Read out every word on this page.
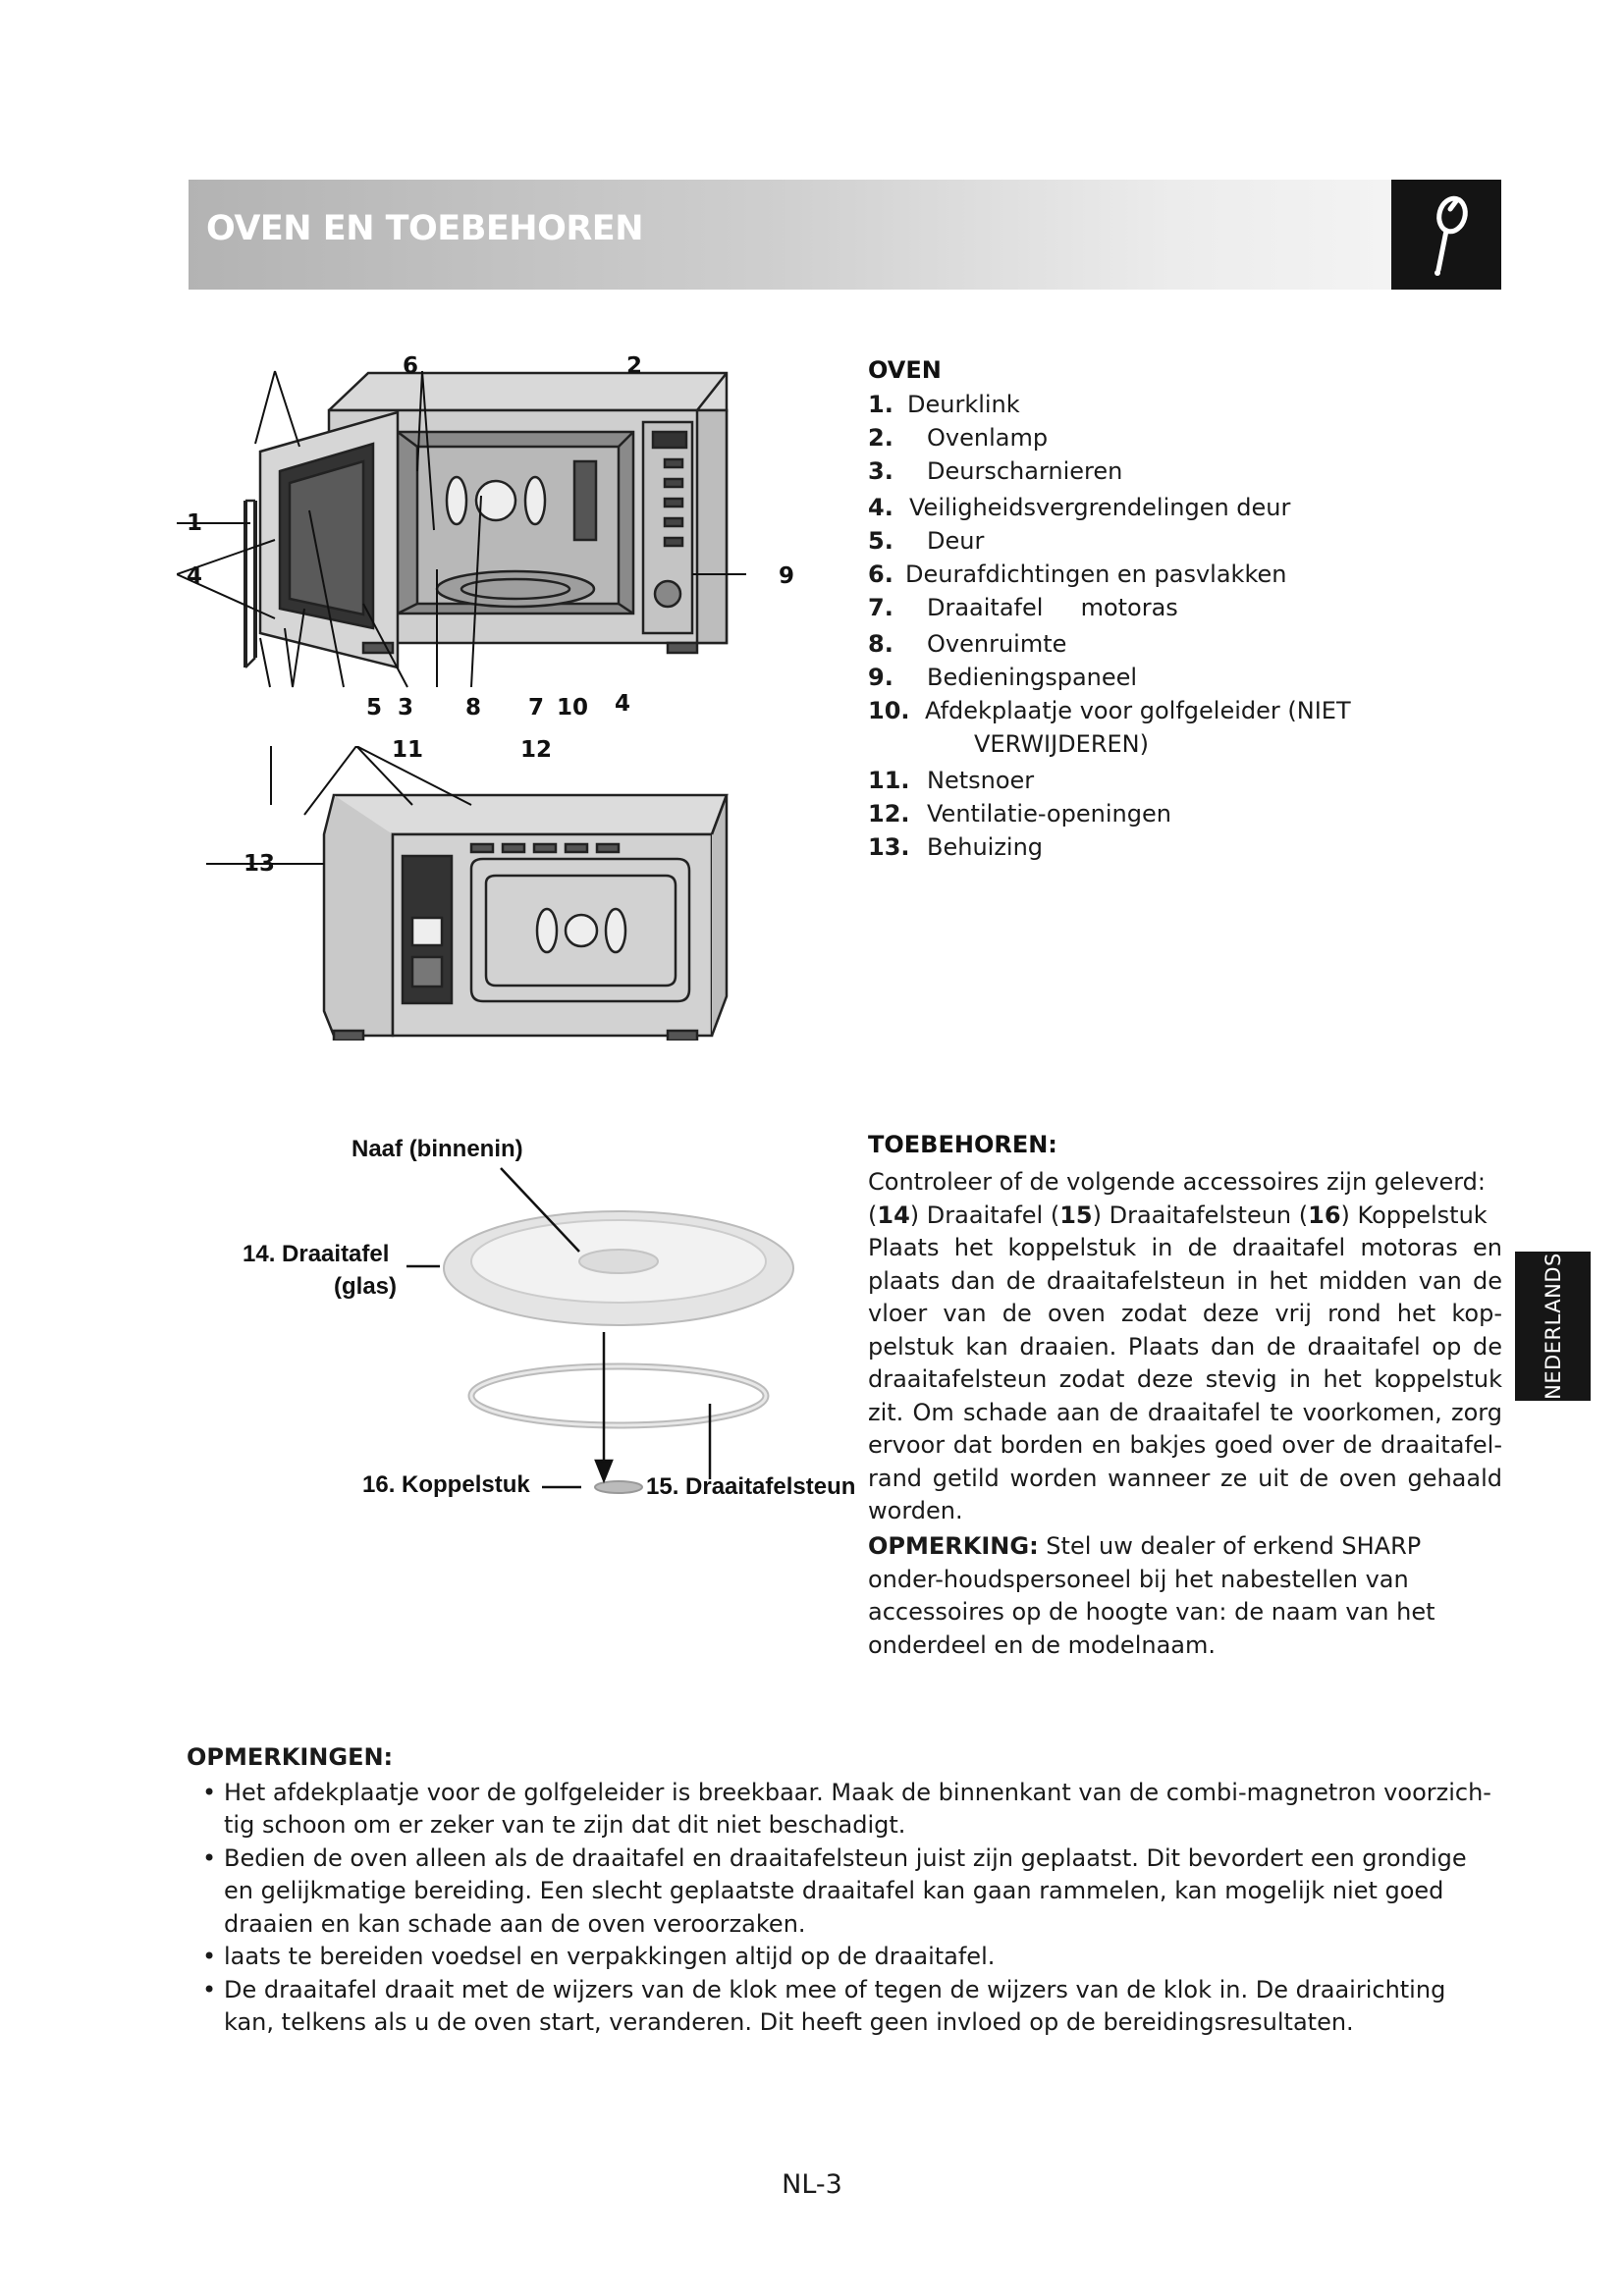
OVEN EN TOEBEHOREN
NEDERLANDS
6	2
1
4	9
5 3 8 7 10 4
11	12
13
OVEN
1. Deurklink
2. Ovenlamp
3. Deurscharnieren
4. Veiligheidsvergrendelingen deur
5. Deur
6. Deurafdichtingen en pasvlakken
7. Draaitafel     motoras
8. Ovenruimte
9. Bedieningspaneel
10. Afdekplaatje voor golfgeleider (NIET
VERWIJDEREN)
11. Netsnoer
12. Ventilatie-openingen
13. Behuizing
Naaf (binnenin)
14. Draaitafel
(glas)
16. Koppelstuk	15. Draaitafelsteun
TOEBEHOREN:
Controleer of de volgende accessoires zijn geleverd:
(14) Draaitafel (15) Draaitafelsteun (16) Koppelstuk
Plaats het koppelstuk in de draaitafel motoras en plaats dan de draaitafelsteun in het midden van de vloer van de oven zodat deze vrij rond het kop-pelstuk kan draaien. Plaats dan de draaitafel op de draaitafelsteun zodat deze stevig in het koppelstuk zit. Om schade aan de draaitafel te voorkomen, zorg ervoor dat borden en bakjes goed over de draaitafel-rand getild worden wanneer ze uit de oven gehaald worden.
OPMERKING: Stel uw dealer of erkend SHARP onder-houdspersoneel bij het nabestellen van accessoires op de hoogte van: de naam van het onderdeel en de modelnaam.
OPMERKINGEN:
• Het afdekplaatje voor de golfgeleider is breekbaar. Maak de binnenkant van de combi-magnetron voorzich-tig schoon om er zeker van te zijn dat dit niet beschadigt.
• Bedien de oven alleen als de draaitafel en draaitafelsteun juist zijn geplaatst. Dit bevordert een grondige en gelijkmatige bereiding. Een slecht geplaatste draaitafel kan gaan rammelen, kan mogelijk niet goed draaien en kan schade aan de oven veroorzaken.
• laats te bereiden voedsel en verpakkingen altijd op de draaitafel.
• De draaitafel draait met de wijzers van de klok mee of tegen de wijzers van de klok in. De draairichting kan, telkens als u de oven start, veranderen. Dit heeft geen invloed op de bereidingsresultaten.
NL-3
